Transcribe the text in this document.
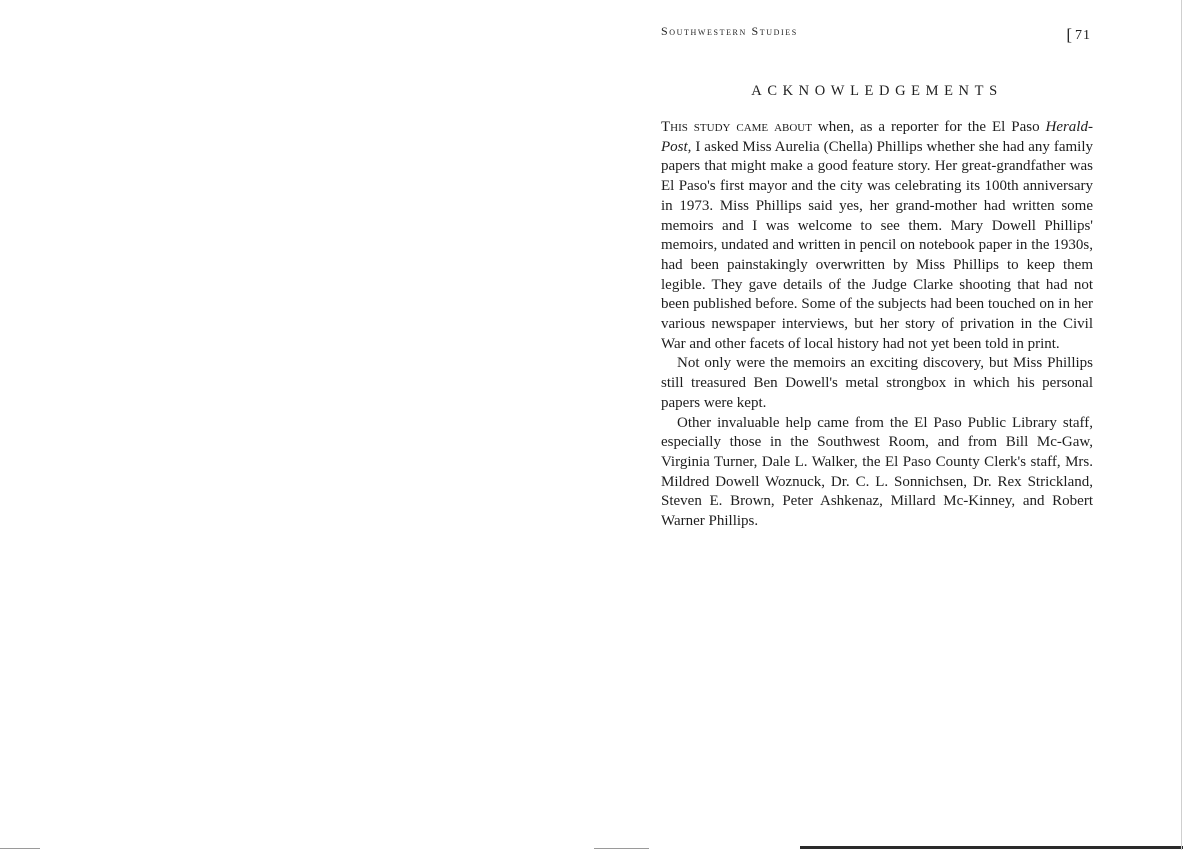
Southwestern Studies	[ 71
ACKNOWLEDGEMENTS

This study came about when, as a reporter for the El Paso Herald-Post, I asked Miss Aurelia (Chella) Phillips whether she had any family papers that might make a good feature story. Her great-grandfather was El Paso's first mayor and the city was celebrating its 100th anniversary in 1973. Miss Phillips said yes, her grand-mother had written some memoirs and I was welcome to see them. Mary Dowell Phillips' memoirs, undated and written in pencil on notebook paper in the 1930s, had been painstakingly overwritten by Miss Phillips to keep them legible. They gave details of the Judge Clarke shooting that had not been published before. Some of the subjects had been touched on in her various newspaper interviews, but her story of privation in the Civil War and other facets of local history had not yet been told in print.

Not only were the memoirs an exciting discovery, but Miss Phillips still treasured Ben Dowell's metal strongbox in which his personal papers were kept.

Other invaluable help came from the El Paso Public Library staff, especially those in the Southwest Room, and from Bill Mc-Gaw, Virginia Turner, Dale L. Walker, the El Paso County Clerk's staff, Mrs. Mildred Dowell Woznuck, Dr. C. L. Sonnichsen, Dr. Rex Strickland, Steven E. Brown, Peter Ashkenaz, Millard Mc-Kinney, and Robert Warner Phillips.
